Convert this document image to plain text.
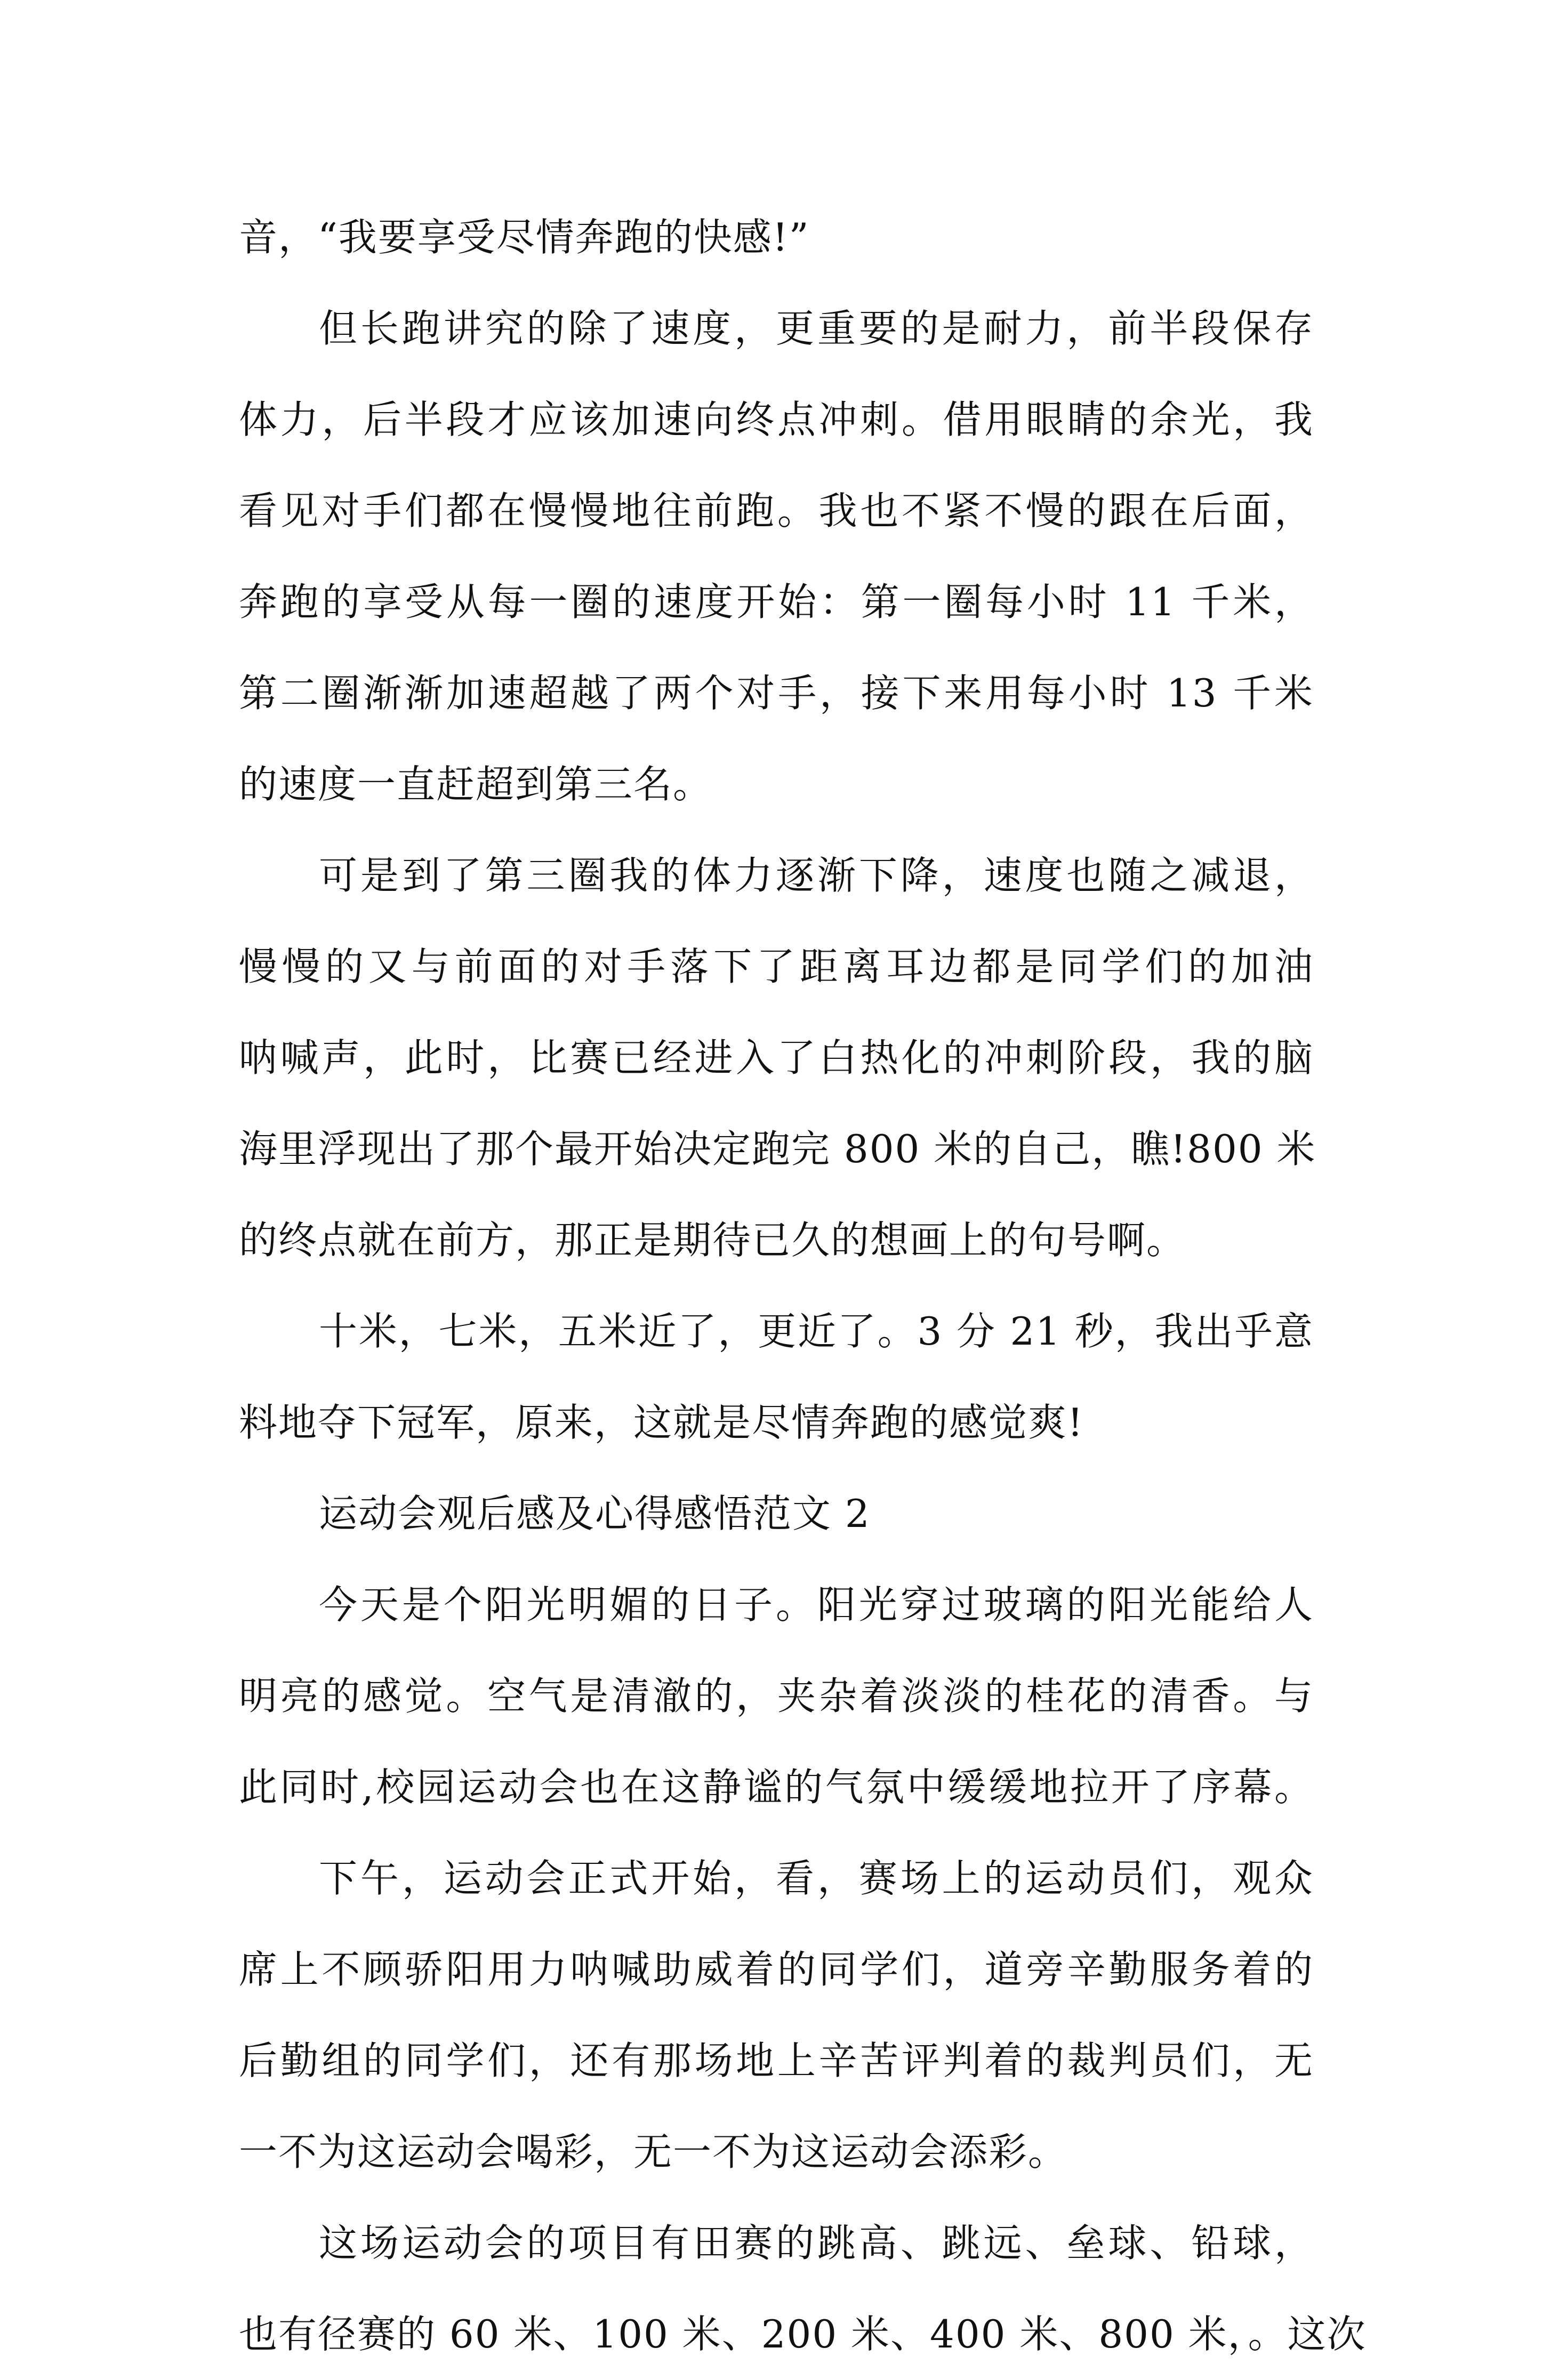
音，“我要享受尽情奔跑的快感!”
但长跑讲究的除了速度，更重要的是耐力，前半段保存
体力，后半段才应该加速向终点冲刺。借用眼睛的余光，我
看见对手们都在慢慢地往前跑。我也不紧不慢的跟在后面，
奔跑的享受从每一圈的速度开始：第一圈每小时 11 千米，
第二圈渐渐加速超越了两个对手，接下来用每小时 13 千米
的速度一直赶超到第三名。
可是到了第三圈我的体力逐渐下降，速度也随之减退，
慢慢的又与前面的对手落下了距离耳边都是同学们的加油
呐喊声，此时，比赛已经进入了白热化的冲刺阶段，我的脑
海里浮现出了那个最开始决定跑完 800 米的自己，瞧!800 米
的终点就在前方，那正是期待已久的想画上的句号啊。
十米，七米，五米近了，更近了。3 分 21 秒，我出乎意
料地夺下冠军，原来，这就是尽情奔跑的感觉爽!
运动会观后感及心得感悟范文 2
今天是个阳光明媚的日子。阳光穿过玻璃的阳光能给人
明亮的感觉。空气是清澈的，夹杂着淡淡的桂花的清香。与
此同时,校园运动会也在这静谧的气氛中缓缓地拉开了序幕。
下午，运动会正式开始，看，赛场上的运动员们，观众
席上不顾骄阳用力呐喊助威着的同学们，道旁辛勤服务着的
后勤组的同学们，还有那场地上辛苦评判着的裁判员们，无
一不为这运动会喝彩，无一不为这运动会添彩。
这场运动会的项目有田赛的跳高、跳远、垒球、铅球，
也有径赛的 60 米、100 米、200 米、400 米、800 米，。这次
